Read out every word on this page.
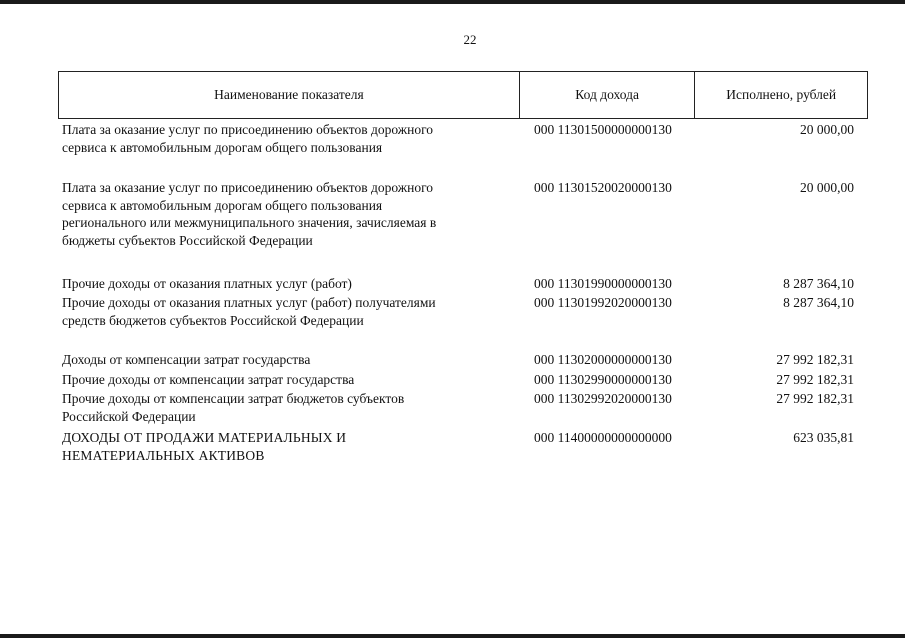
22
Наименование показателя	Код дохода	Исполнено, рублей
Плата за оказание услуг по присоединению объектов дорожного
сервиса к автомобильным дорогам общего пользования
000 11301500000000130	20 000,00
Плата за оказание услуг по присоединению объектов дорожного
сервиса к автомобильным дорогам общего пользования
регионального или межмуниципального значения, зачисляемая в
бюджеты субъектов Российской Федерации
000 11301520020000130	20 000,00
Прочие доходы от оказания платных услуг (работ)	000 11301990000000130	8 287 364,10
Прочие доходы от оказания платных услуг (работ) получателями
средств бюджетов субъектов Российской Федерации
000 11301992020000130	8 287 364,10
Доходы от компенсации затрат государства	000 11302000000000130	27 992 182,31
Прочие доходы от компенсации затрат государства	000 11302990000000130	27 992 182,31
Прочие доходы от компенсации затрат бюджетов субъектов
Российской Федерации
000 11302992020000130	27 992 182,31
ДОХОДЫ ОТ ПРОДАЖИ МАТЕРИАЛЬНЫХ И
НЕМАТЕРИАЛЬНЫХ АКТИВОВ
000 11400000000000000	623 035,81
